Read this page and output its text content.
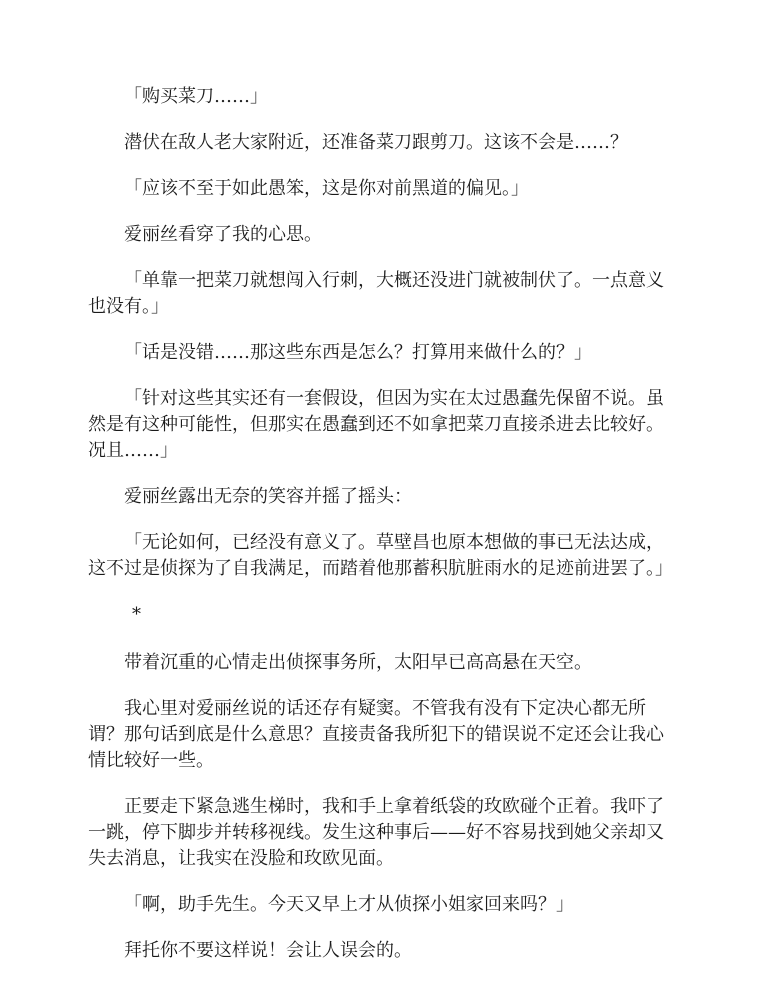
「购买菜刀……」

潜伏在敌人老大家附近，还准备菜刀跟剪刀。这该不会是……？

「应该不至于如此愚笨，这是你对前黑道的偏见。」

爱丽丝看穿了我的心思。

「单靠一把菜刀就想闯入行刺，大概还没进门就被制伏了。一点意义也没有。」

「话是没错……那这些东西是怎么？打算用来做什么的？」

「针对这些其实还有一套假设，但因为实在太过愚蠢先保留不说。虽然是有这种可能性，但那实在愚蠢到还不如拿把菜刀直接杀进去比较好。况且……」

爱丽丝露出无奈的笑容并摇了摇头：

「无论如何，已经没有意义了。草壁昌也原本想做的事已无法达成，这不过是侦探为了自我满足，而踏着他那蓄积肮脏雨水的足迹前进罢了。」

*

带着沉重的心情走出侦探事务所，太阳早已高高悬在天空。

我心里对爱丽丝说的话还存有疑窦。不管我有没有下定决心都无所谓？那句话到底是什么意思？直接责备我所犯下的错误说不定还会让我心情比较好一些。

正要走下紧急逃生梯时，我和手上拿着纸袋的玫欧碰个正着。我吓了一跳，停下脚步并转移视线。发生这种事后——好不容易找到她父亲却又失去消息，让我实在没脸和玫欧见面。

「啊，助手先生。今天又早上才从侦探小姐家回来吗？」

拜托你不要这样说！会让人误会的。
